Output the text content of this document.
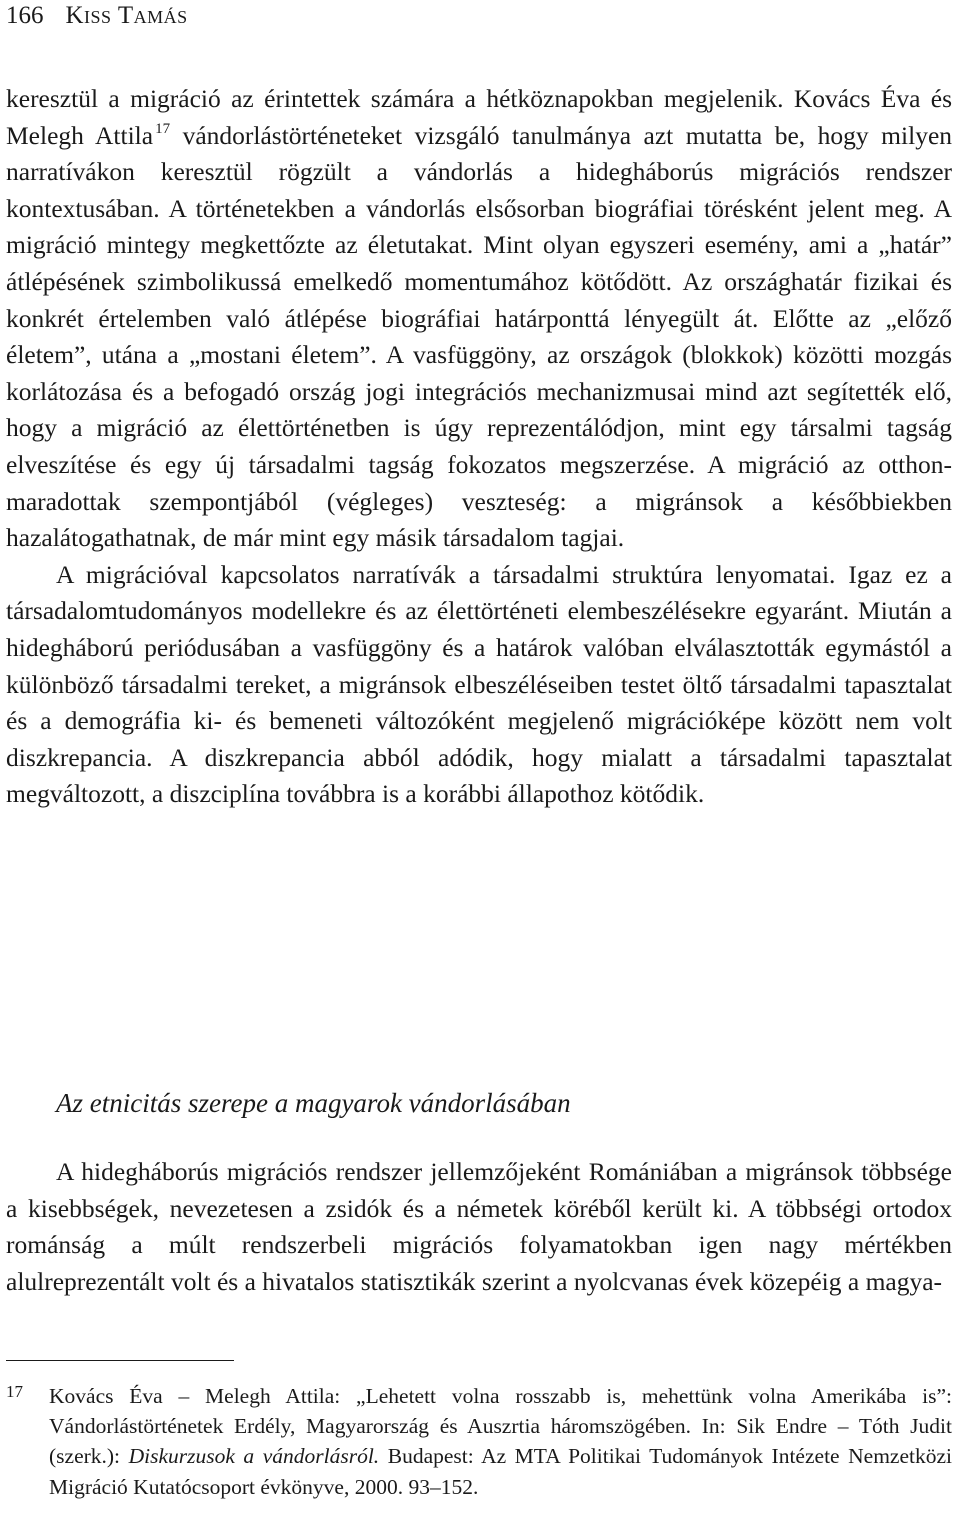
166 Kiss Tamás

keresztül a migráció az érintettek számára a hétköznapokban megjelenik. Kovács Éva és Melegh Attila $^{17}$ vándorlástörténeteket vizsgáló tanulmánya azt mutatta be, hogy milyen narratívákon keresztül rögzült a vándorlás a hidegháborús migrációs rendszer kontextusában. A történetekben a vándorlás elsősorban biográfiai törésként jelent meg. A migráció mintegy megkettőzte az életutakat. Mint olyan egyszeri esemény, ami a „határ” átlépésének szimbolikussá emelkedő momentumához kötődött. Az országhatár fizikai és konkrét értelemben való átlépése biográfiai határponttá lényegült át. Előtte az „előző életem”, utána a „mostani életem”. A vasfüggöny, az országok (blokkok) közötti mozgás korlátozása és a befogadó ország jogi integrációs mechanizmusai mind azt segítették elő, hogy a migráció az élettörténetben is úgy reprezentálódjon, mint egy társalmi tagság elveszítése és egy új társadalmi tagság fokozatos megszerzése. A migráció az otthon-maradottak szempontjából (végleges) veszteség: a migránsok a későbbiekben hazalátogathatnak, de már mint egy másik társadalom tagjai.

A migrációval kapcsolatos narratívák a társadalmi struktúra lenyomatai. Igaz ez a társadalomtudományos modellekre és az élettörténeti elembeszélésekre egyaránt. Miután a hidegháború periódusában a vasfüggöny és a határok valóban elválasztották egymástól a különböző társadalmi tereket, a migránsok elbeszéléseiben testet öltő társadalmi tapasztalat és a demográfia ki- és bemeneti változóként megjelenő migrációképe között nem volt diszkrepancia. A diszkrepancia abból adódik, hogy mialatt a társadalmi tapasztalat megváltozott, a diszciplína továbbra is a korábbi állapothoz kötődik.

Az etnicitás szerepe a magyarok vándorlásában

A hidegháborús migrációs rendszer jellemzőjeként Romániában a migránsok többsége a kisebbségek, nevezetesen a zsidók és a németek köréből került ki. A többségi ortodox románság a múlt rendszerbeli migrációs folyamatokban igen nagy mértékben alulreprezentált volt és a hivatalos statisztikák szerint a nyolcvanas évek közepéig a magya-

17 Kovács Éva – Melegh Attila: „Lehetett volna rosszabb is, mehettünk volna Amerikába is”: Vándorlástörténetek Erdély, Magyarország és Auszrtia háromszögében. In: Sik Endre – Tóth Judit (szerk.): Diskurzusok a vándorlásról. Budapest: Az MTA Politikai Tudományok Intézete Nemzetközi Migráció Kutatócsoport évkönyve, 2000. 93–152.
